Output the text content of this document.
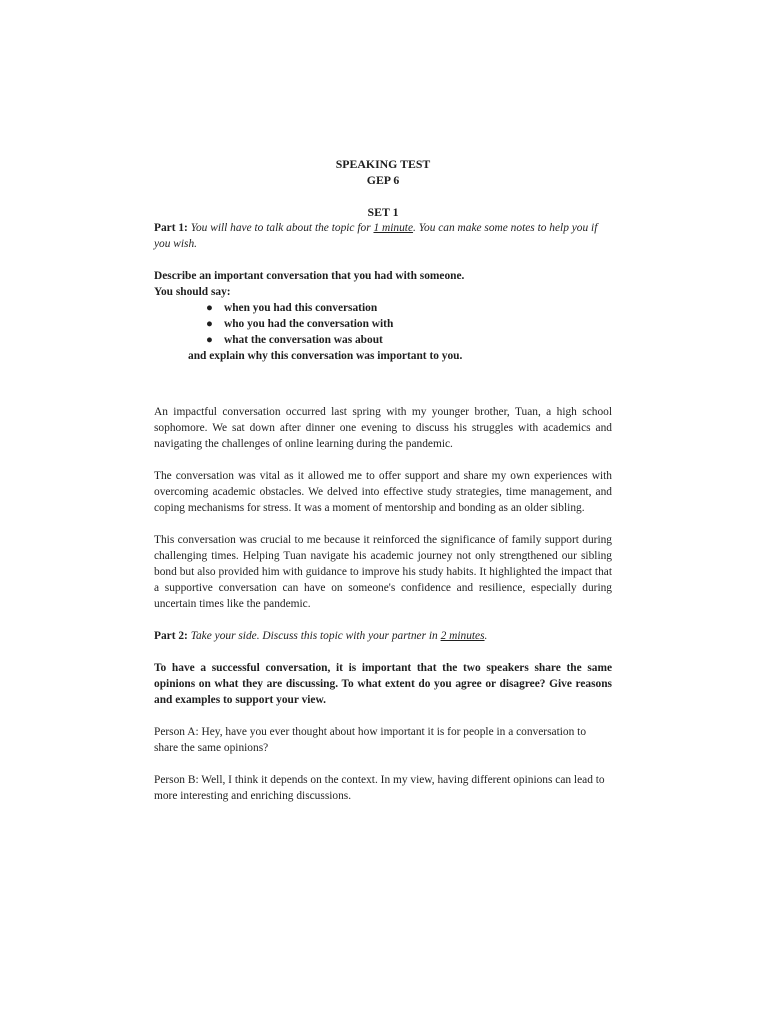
SPEAKING TEST

GEP 6

SET 1

Part 1: You will have to talk about the topic for 1 minute. You can make some notes to help you if you wish.

Describe an important conversation that you had with someone.

You should say:

● when you had this conversation
● who you had the conversation with
● what the conversation was about

and explain why this conversation was important to you.

An impactful conversation occurred last spring with my younger brother, Tuan, a high school sophomore. We sat down after dinner one evening to discuss his struggles with academics and navigating the challenges of online learning during the pandemic.

The conversation was vital as it allowed me to offer support and share my own experiences with overcoming academic obstacles. We delved into effective study strategies, time management, and coping mechanisms for stress. It was a moment of mentorship and bonding as an older sibling.

This conversation was crucial to me because it reinforced the significance of family support during challenging times. Helping Tuan navigate his academic journey not only strengthened our sibling bond but also provided him with guidance to improve his study habits. It highlighted the impact that a supportive conversation can have on someone's confidence and resilience, especially during uncertain times like the pandemic.

Part 2: Take your side. Discuss this topic with your partner in 2 minutes.

To have a successful conversation, it is important that the two speakers share the same opinions on what they are discussing. To what extent do you agree or disagree? Give reasons and examples to support your view.

Person A: Hey, have you ever thought about how important it is for people in a conversation to share the same opinions?

Person B: Well, I think it depends on the context. In my view, having different opinions can lead to more interesting and enriching discussions.
